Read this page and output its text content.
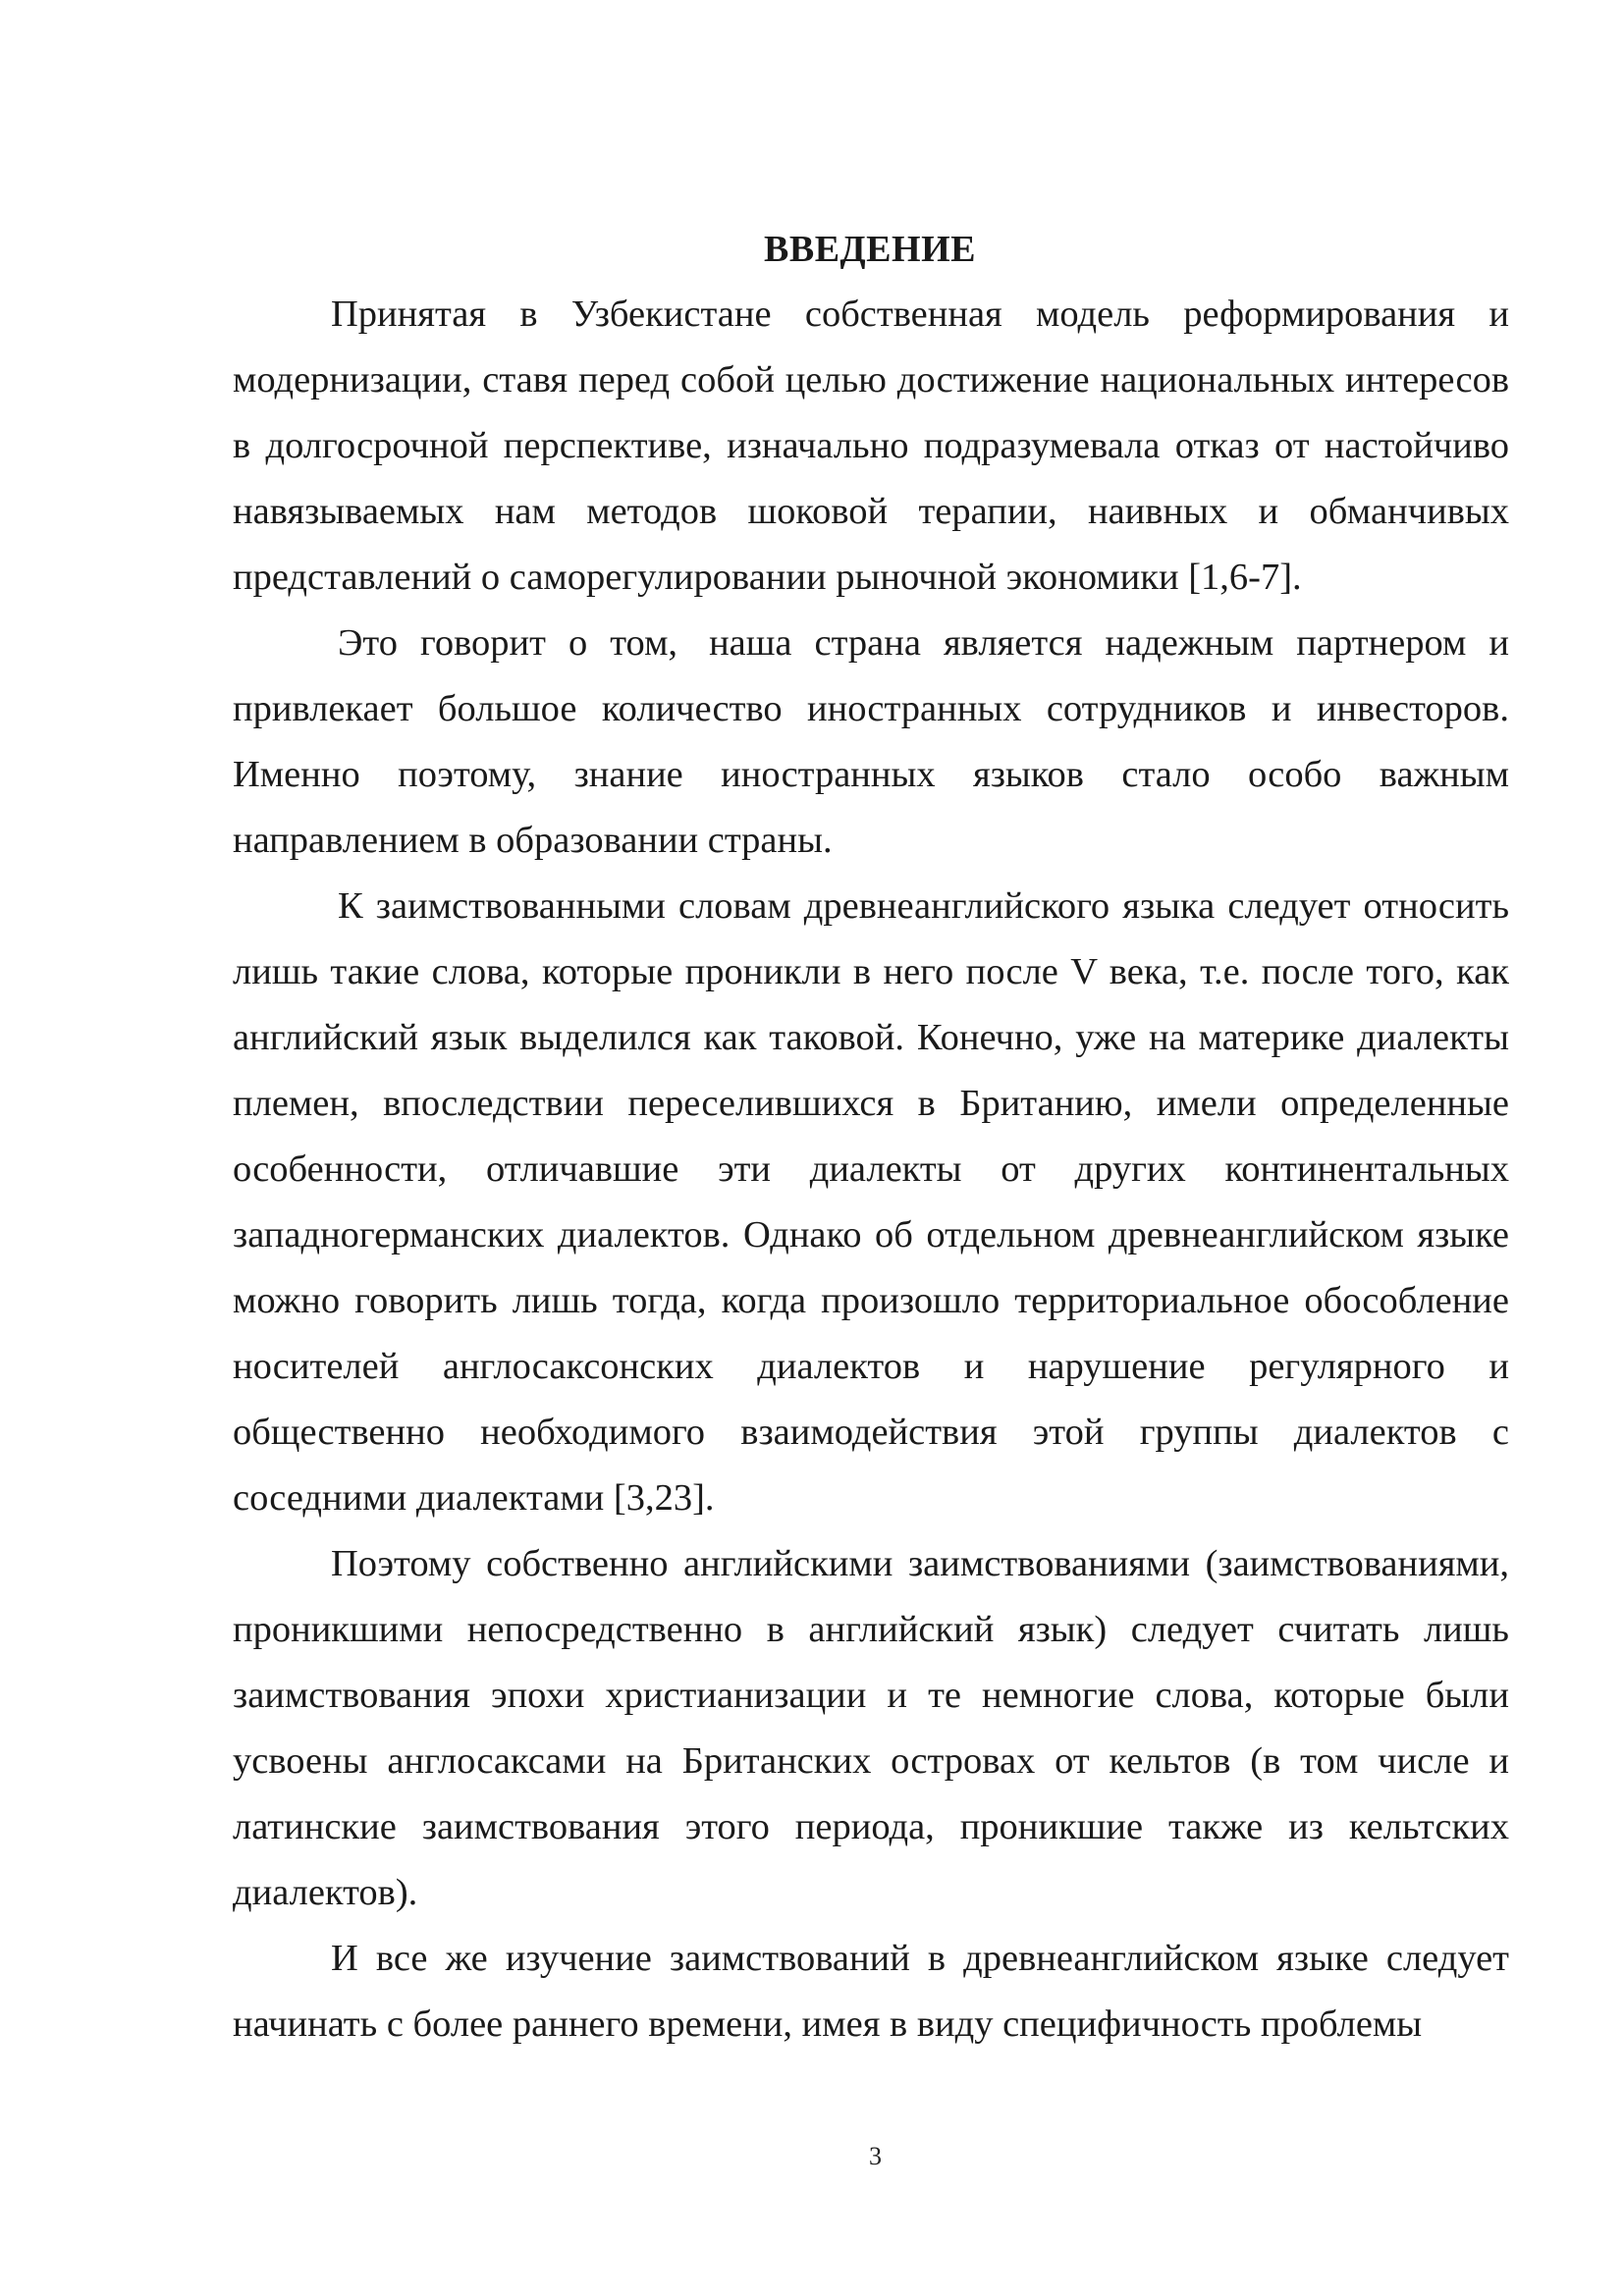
ВВЕДЕНИЕ

Принятая в Узбекистане собственная модель реформирования и модернизации, ставя перед собой целью достижение национальных интересов в долгосрочной перспективе, изначально подразумевала отказ от настойчиво навязываемых нам методов шоковой терапии, наивных и обманчивых представлений о саморегулировании рыночной экономики [1,6-7].

Это говорит о том, наша страна является надежным партнером и привлекает большое количество иностранных сотрудников и инвесторов. Именно поэтому, знание иностранных языков стало особо важным направлением в образовании страны.

К заимствованными словам древнеанглийского языка следует относить лишь такие слова, которые проникли в него после V века, т.е. после того, как английский язык выделился как таковой. Конечно, уже на материке диалекты племен, впоследствии переселившихся в Британию, имели определенные особенности, отличавшие эти диалекты от других континентальных западногерманских диалектов. Однако об отдельном древнеанглийском языке можно говорить лишь тогда, когда произошло территориальное обособление носителей англосаксонских диалектов и нарушение регулярного и общественно необходимого взаимодействия этой группы диалектов с соседними диалектами [3,23].

Поэтому собственно английскими заимствованиями (заимствованиями, проникшими непосредственно в английский язык) следует считать лишь заимствования эпохи христианизации и те немногие слова, которые были усвоены англосаксами на Британских островах от кельтов (в том числе и латинские заимствования этого периода, проникшие также из кельтских диалектов).

И все же изучение заимствований в древнеанглийском языке следует начинать с более раннего времени, имея в виду специфичность проблемы

3
